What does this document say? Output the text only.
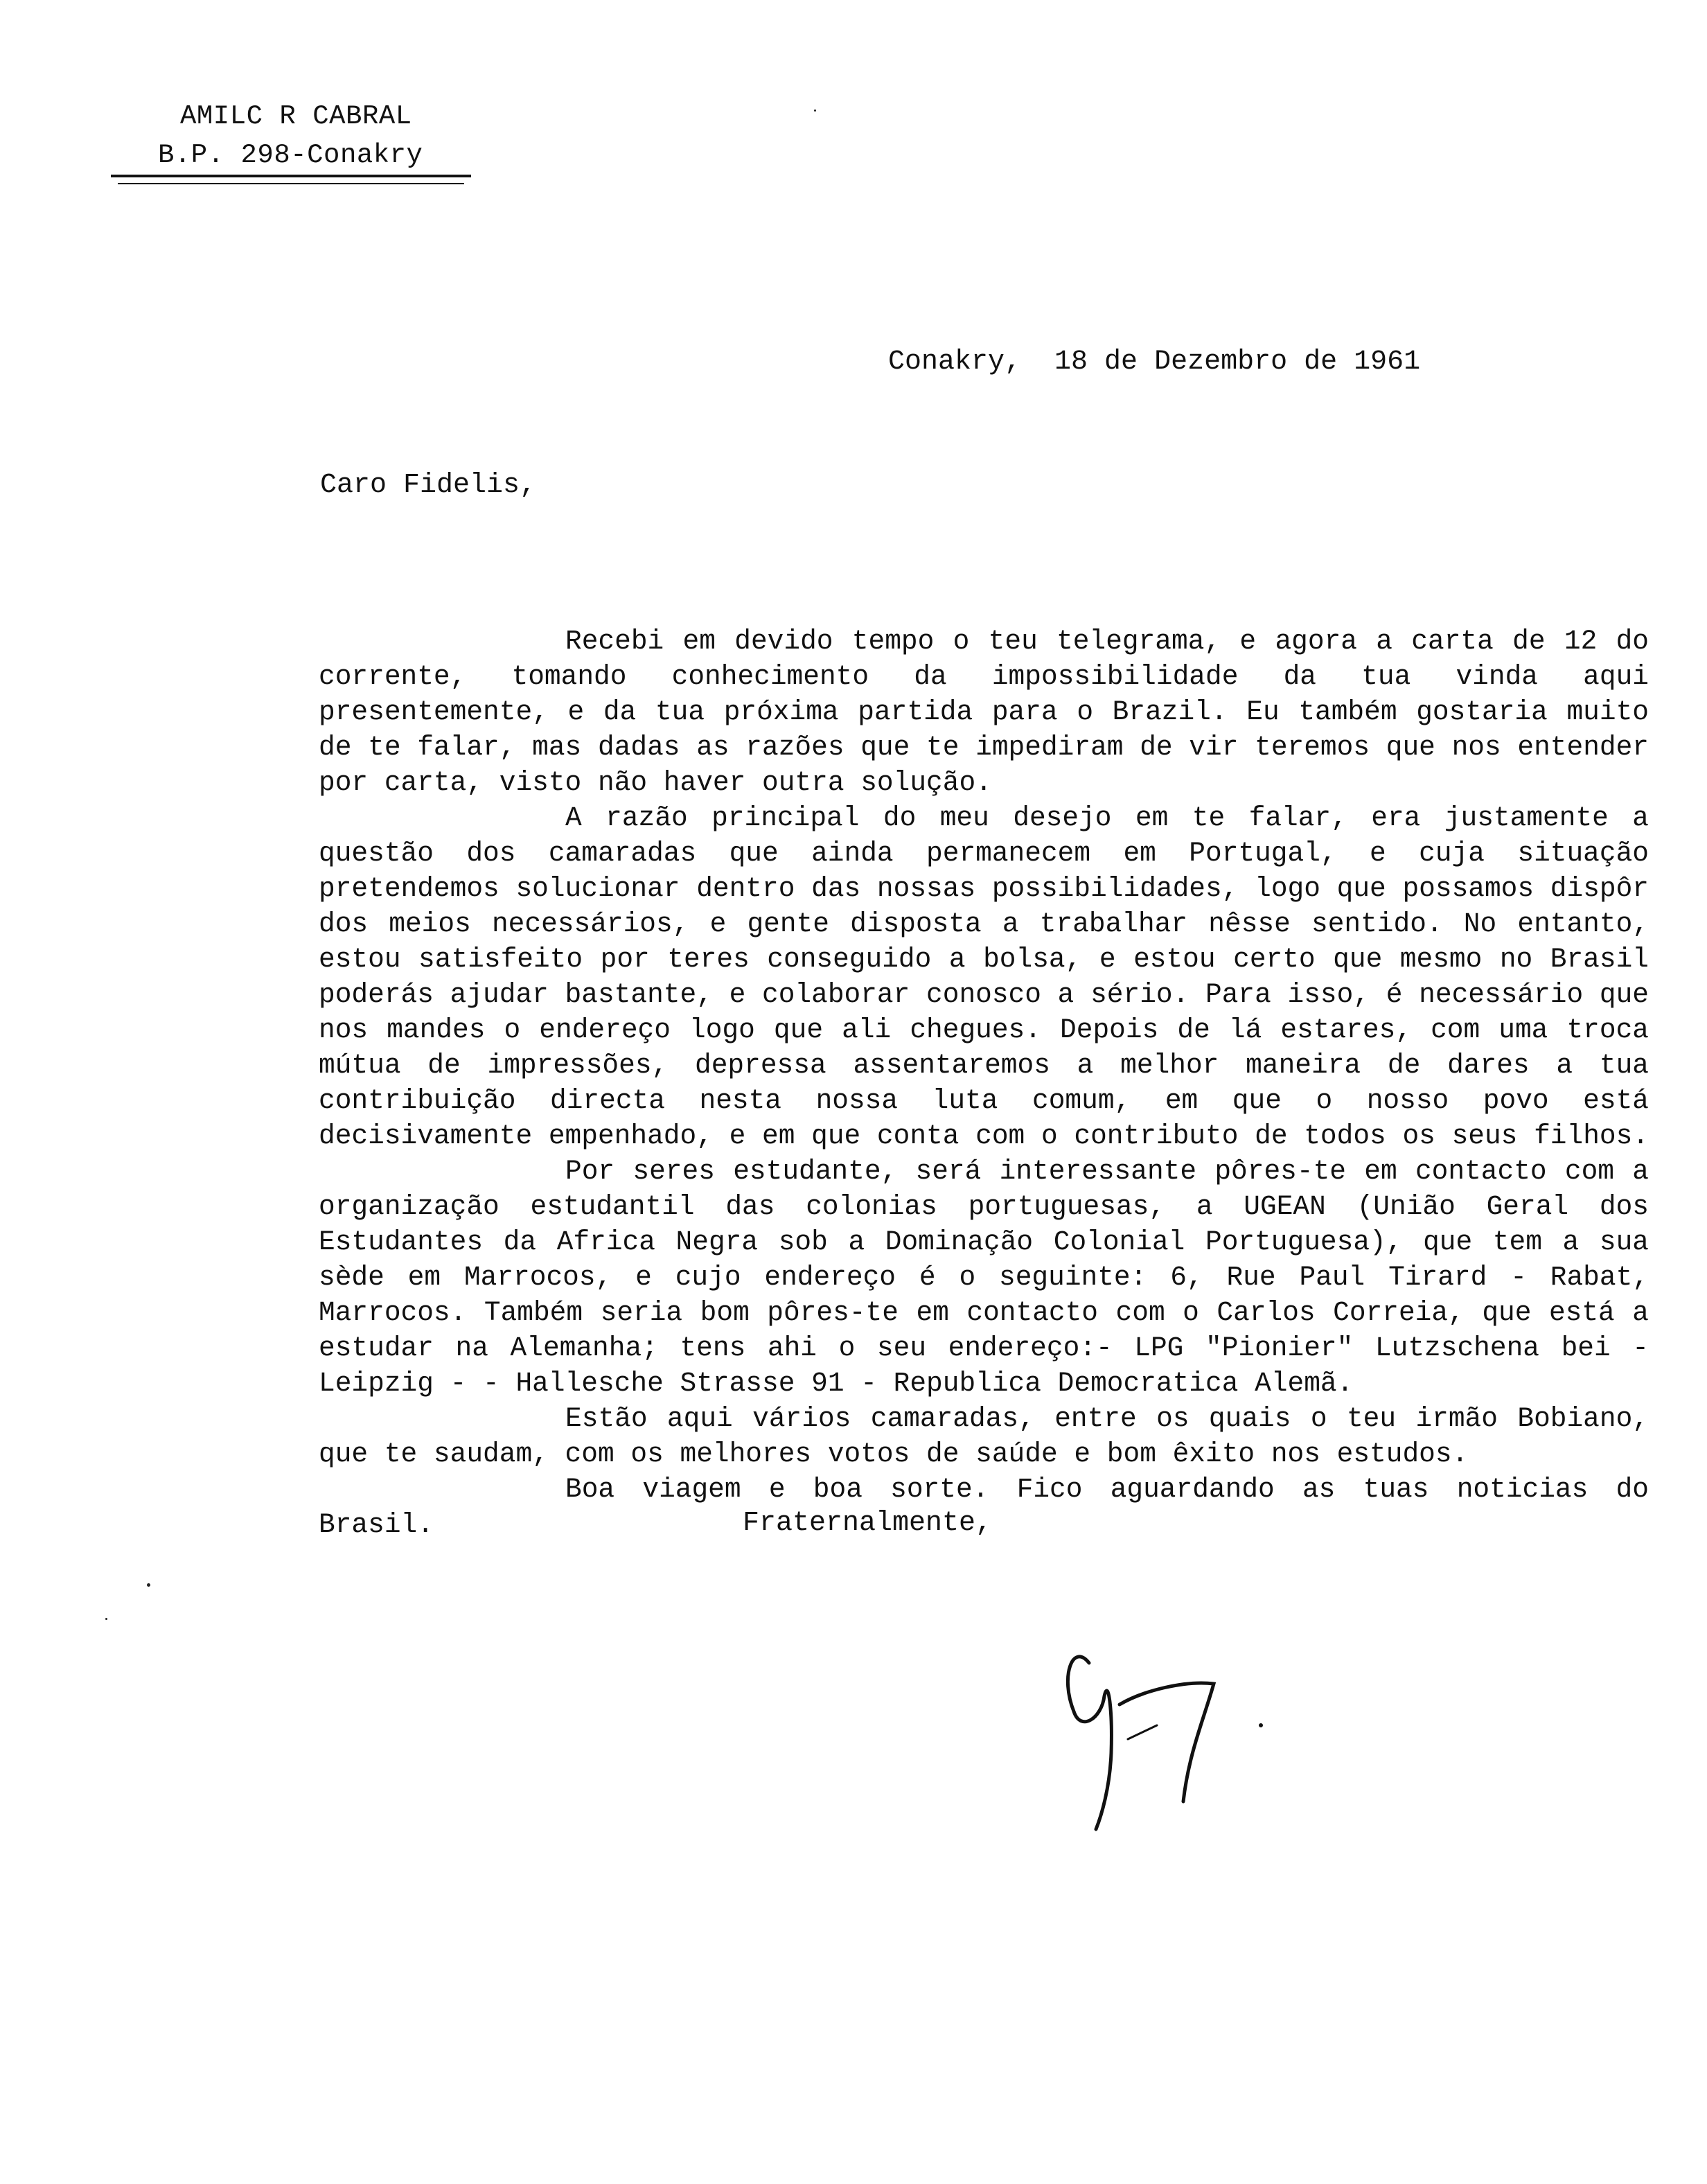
AMILC R CABRAL
B.P. 298-Conakry
Conakry,  18 de Dezembro de 1961
Caro Fidelis,

Recebi em devido tempo o teu telegrama, e agora a carta de 12 do corrente, tomando conhecimento da impossibilidade da tua vinda aqui presentemente, e da tua próxima partida para o Brazil. Eu também gostaria muito de te falar, mas dadas as razões que te impediram de vir teremos que nos entender por carta, visto não haver outra solução.

A razão principal do meu desejo em te falar, era justamente a questão dos camaradas que ainda permanecem em Portugal, e cuja situação pretendemos solucionar dentro das nossas possibilidades, logo que possamos dispôr dos meios necessários, e gente disposta a trabalhar nêsse sentido. No entanto, estou satisfeito por teres conseguido a bolsa, e estou certo que mesmo no Brasil poderás ajudar bastante, e colaborar conosco a sério. Para isso, é necessário que nos mandes o endereço logo que ali chegues. Depois de lá estares, com uma troca mútua de impressões, depressa assentaremos a melhor maneira de dares a tua contribuição directa nesta nossa luta comum, em que o nosso povo está decisivamente empenhado, e em que conta com o contributo de todos os seus filhos.

Por seres estudante, será interessante pôres-te em contacto com a organização estudantil das colonias portuguesas, a UGEAN (União Geral dos Estudantes da Africa Negra sob a Dominação Colonial Portuguesa), que tem a sua sède em Marrocos, e cujo endereço é o seguinte: 6, Rue Paul Tirard - Rabat, Marrocos. Também seria bom pôres-te em contacto com o Carlos Correia, que está a estudar na Alemanha; tens ahi o seu endereço:- LPG "Pionier" Lutzschena bei - Leipzig - - Hallesche Strasse 91 - Republica Democratica Alemã.

Estão aqui vários camaradas, entre os quais o teu irmão Bobiano, que te saudam, com os melhores votos de saúde e bom êxito nos estudos.

Boa viagem e boa sorte. Fico aguardando as tuas noticias do Brasil.	Fraternalmente,
